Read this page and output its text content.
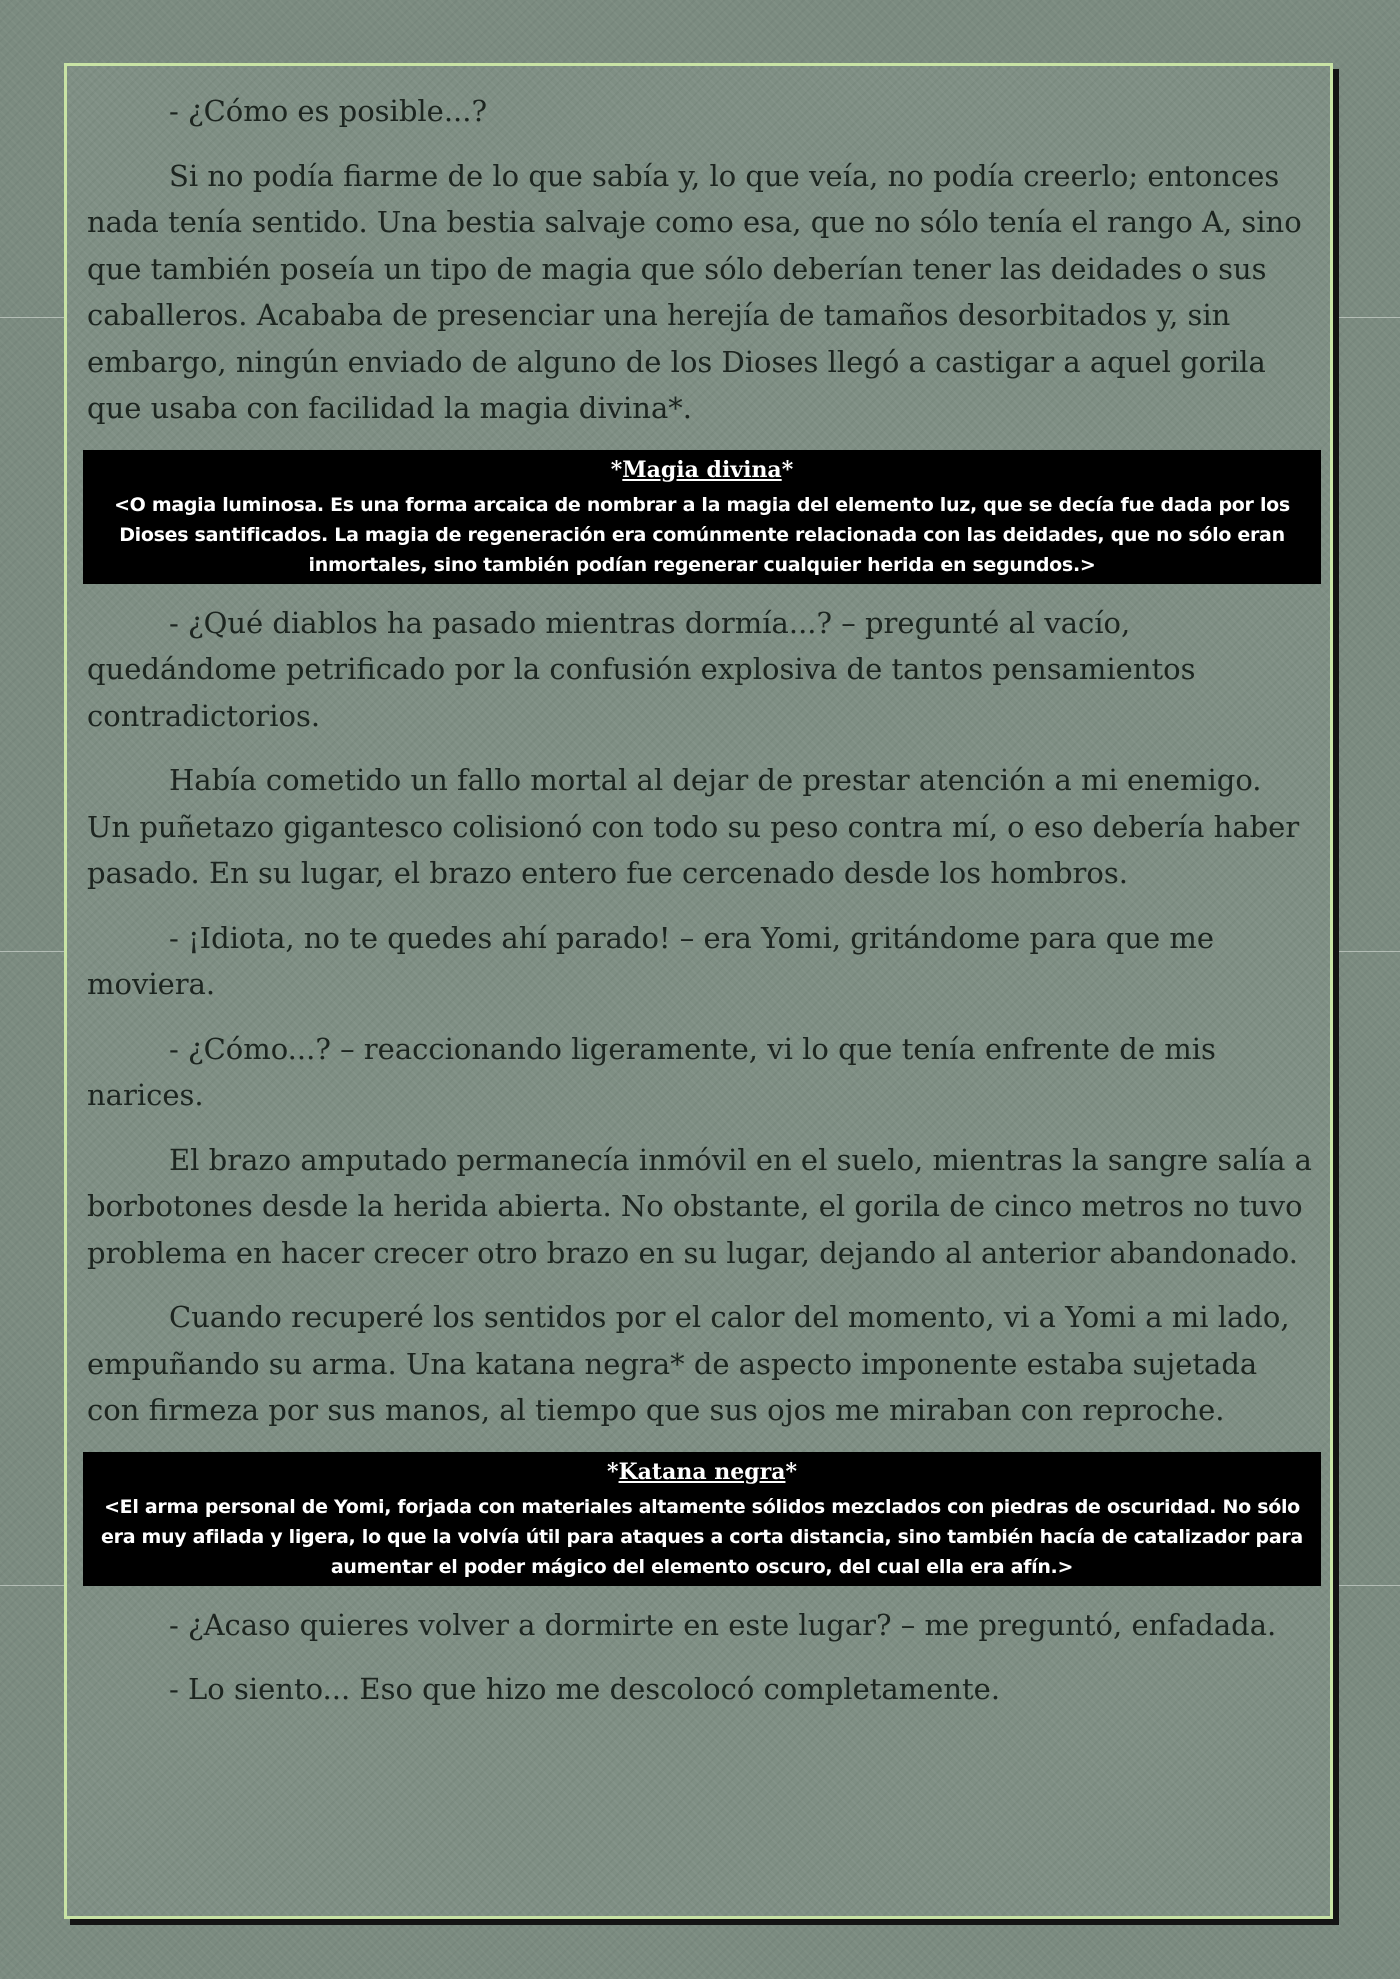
- ¿Cómo es posible...?

Si no podía fiarme de lo que sabía y, lo que veía, no podía creerlo; entonces nada tenía sentido. Una bestia salvaje como esa, que no sólo tenía el rango A, sino que también poseía un tipo de magia que sólo deberían tener las deidades o sus caballeros. Acababa de presenciar una herejía de tamaños desorbitados y, sin embargo, ningún enviado de alguno de los Dioses llegó a castigar a aquel gorila que usaba con facilidad la magia divina*.

*Magia divina*
<O magia luminosa. Es una forma arcaica de nombrar a la magia del elemento luz, que se decía fue dada por los Dioses santificados. La magia de regeneración era comúnmente relacionada con las deidades, que no sólo eran inmortales, sino también podían regenerar cualquier herida en segundos.>

- ¿Qué diablos ha pasado mientras dormía...? – pregunté al vacío, quedándome petrificado por la confusión explosiva de tantos pensamientos contradictorios.

Había cometido un fallo mortal al dejar de prestar atención a mi enemigo. Un puñetazo gigantesco colisionó con todo su peso contra mí, o eso debería haber pasado. En su lugar, el brazo entero fue cercenado desde los hombros.

- ¡Idiota, no te quedes ahí parado! – era Yomi, gritándome para que me moviera.

- ¿Cómo...? – reaccionando ligeramente, vi lo que tenía enfrente de mis narices.

El brazo amputado permanecía inmóvil en el suelo, mientras la sangre salía a borbotones desde la herida abierta. No obstante, el gorila de cinco metros no tuvo problema en hacer crecer otro brazo en su lugar, dejando al anterior abandonado.

Cuando recuperé los sentidos por el calor del momento, vi a Yomi a mi lado, empuñando su arma. Una katana negra* de aspecto imponente estaba sujetada con firmeza por sus manos, al tiempo que sus ojos me miraban con reproche.

*Katana negra*
<El arma personal de Yomi, forjada con materiales altamente sólidos mezclados con piedras de oscuridad. No sólo era muy afilada y ligera, lo que la volvía útil para ataques a corta distancia, sino también hacía de catalizador para aumentar el poder mágico del elemento oscuro, del cual ella era afín.>

- ¿Acaso quieres volver a dormirte en este lugar? – me preguntó, enfadada.

- Lo siento... Eso que hizo me descolocó completamente.
